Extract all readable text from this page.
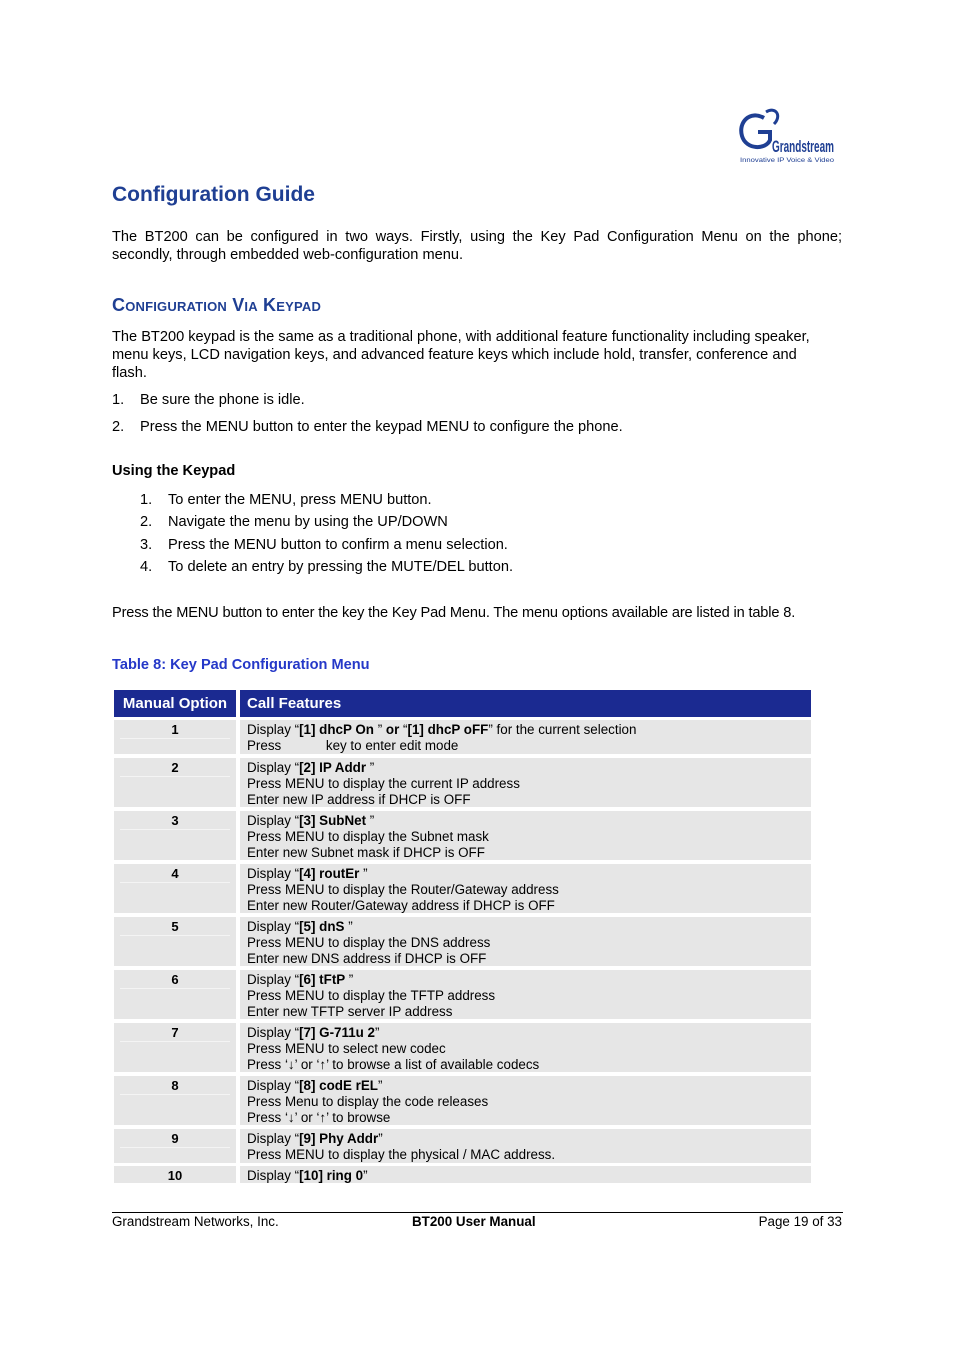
Grandstream
Innovative IP Voice & Video
Configuration Guide

The BT200 can be configured in two ways. Firstly, using the Key Pad Configuration Menu on the phone; secondly, through embedded web-configuration menu.

Configuration Via Keypad

The BT200 keypad is the same as a traditional phone, with additional feature functionality including speaker, menu keys, LCD navigation keys, and advanced feature keys which include hold, transfer, conference and flash.

1. Be sure the phone is idle.
2. Press the MENU button to enter the keypad MENU to configure the phone.

Using the Keypad

1. To enter the MENU, press MENU button.
2. Navigate the menu by using the UP/DOWN
3. Press the MENU button to confirm a menu selection.
4. To delete an entry by pressing the MUTE/DEL button.

Press the MENU button to enter the key the Key Pad Menu. The menu options available are listed in table 8.

Table 8: Key Pad Configuration Menu

Manual Option	Call Features
1	Display “[1] dhcP On ” or “[1] dhcP oFF” for the current selection
Press            key to enter edit mode
2	Display “[2] IP Addr ”
Press MENU to display the current IP address
Enter new IP address if DHCP is OFF
3	Display “[3] SubNet ”
Press MENU to display the Subnet mask
Enter new Subnet mask if DHCP is OFF
4	Display “[4] routEr ”
Press MENU to display the Router/Gateway address
Enter new Router/Gateway address if DHCP is OFF
5	Display “[5] dnS ”
Press MENU to display the DNS address
Enter new DNS address if DHCP is OFF
6	Display “[6] tFtP ”
Press MENU to display the TFTP address
Enter new TFTP server IP address
7	Display “[7] G-711u 2”
Press MENU to select new codec
Press ‘↓’ or ‘↑’ to browse a list of available codecs
8	Display “[8] codE rEL”
Press Menu to display the code releases
Press ‘↓’ or ‘↑’ to browse
9	Display “[9] Phy Addr”
Press MENU to display the physical / MAC address.
10	Display “[10] ring 0”
Grandstream Networks, Inc.	BT200 User Manual	Page 19 of 33
